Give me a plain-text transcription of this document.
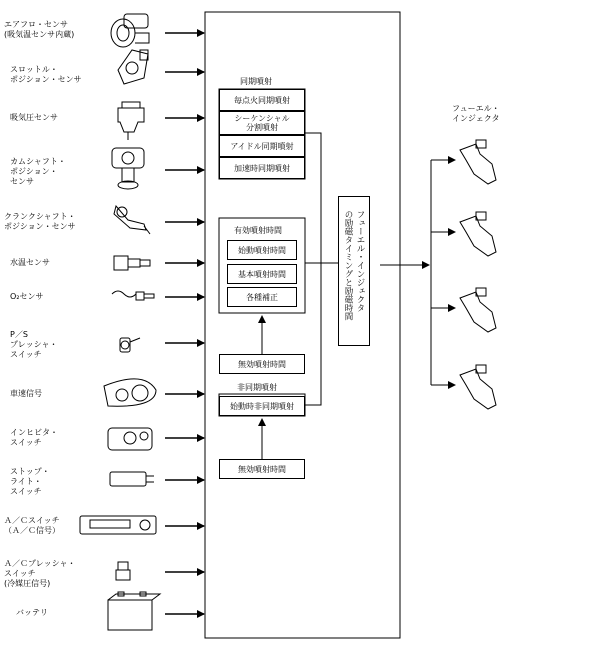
エアフロ・センサ
(吸気温センサ内蔵)
スロットル・
ポジション・センサ
吸気圧センサ
カムシャフト・
ポジション・
センサ
クランクシャフト・
ポジション・センサ
水温センサ
O₂センサ
P／S
プレッシャ・
スイッチ
車速信号
インヒビタ・
スイッチ
ストップ・
ライト・
スイッチ
Ａ／Ｃスイッチ
（Ａ／Ｃ信号）
Ａ／Ｃプレッシャ・
スイッチ
(冷媒圧信号)
バッテリ
同期噴射
毎点火同期噴射
シーケンシャル
分割噴射
アイドル同期噴射
加速時同期噴射
有効噴射時間
始動噴射時間
基本噴射時間
各種補正
無効噴射時間
非同期噴射
始動時非同期噴射
無効噴射時間
フューエル・インジェクタ
の励磁タイミングと励磁時間
フューエル・
インジェクタ
